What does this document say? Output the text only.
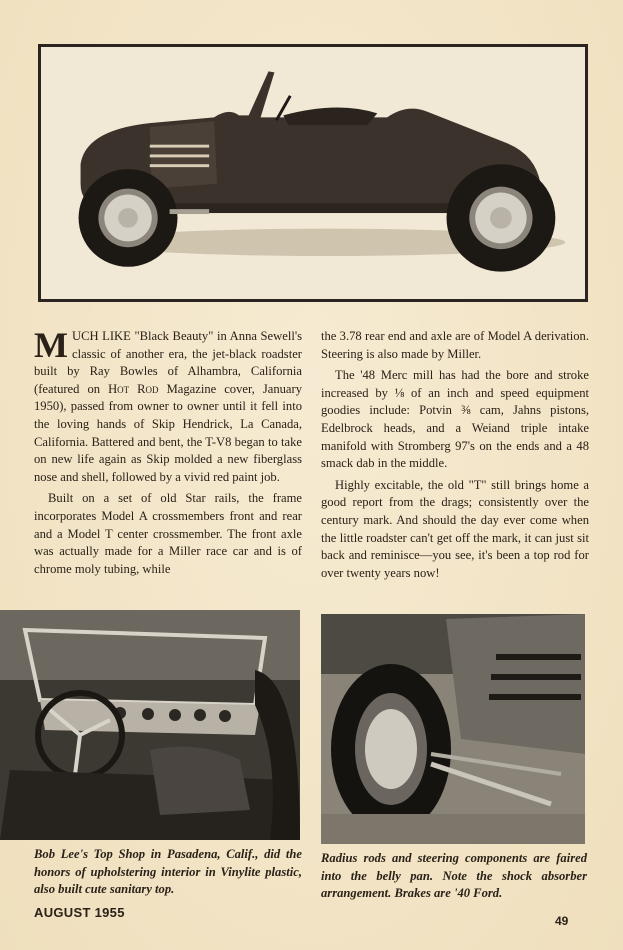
MUCH LIKE "Black Beauty" in Anna Sewell's classic of another era, the jet-black roadster built by Ray Bowles of Alhambra, California (featured on Hot Rod Magazine cover, January 1950), passed from owner to owner until it fell into the loving hands of Skip Hendrick, La Canada, California. Battered and bent, the T-V8 began to take on new life again as Skip molded a new fiberglass nose and shell, followed by a vivid red paint job.

Built on a set of old Star rails, the frame incorporates Model A crossmembers front and rear and a Model T center crossmember. The front axle was actually made for a Miller race car and is of chrome moly tubing, while

the 3.78 rear end and axle are of Model A derivation. Steering is also made by Miller.

The '48 Merc mill has had the bore and stroke increased by ⅛ of an inch and speed equipment goodies include: Potvin ⅜ cam, Jahns pistons, Edelbrock heads, and a Weiand triple intake manifold with Stromberg 97's on the ends and a 48 smack dab in the middle.

Highly excitable, the old "T" still brings home a good report from the drags; consistently over the century mark. And should the day ever come when the little roadster can't get off the mark, it can just sit back and reminisce—you see, it's been a top rod for over twenty years now!

Bob Lee's Top Shop in Pasadena, Calif., did the honors of upholstering interior in Vinylite plastic, also built cute sanitary top.
Radius rods and steering components are faired into the belly pan. Note the shock absorber arrangement. Brakes are '40 Ford.
AUGUST 1955
49
